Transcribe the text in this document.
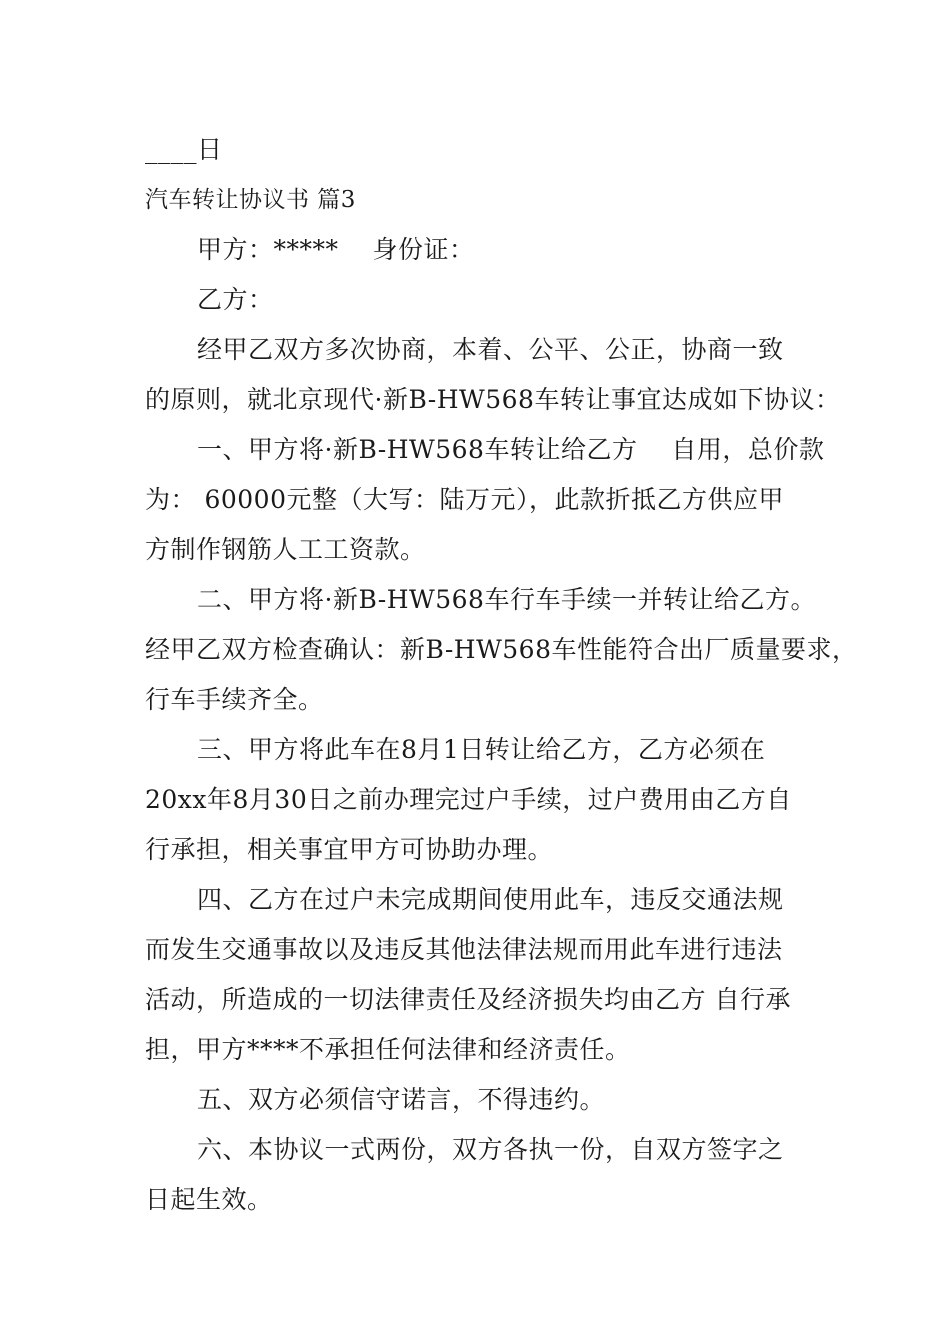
____日
汽车转让协议书 篇3
甲方：*****　 身份证：
乙方：
经甲乙双方多次协商，本着、公平、公正，协商一致
的原则，就北京现代·新B-HW568车转让事宜达成如下协议：
一、甲方将·新B-HW568车转让给乙方　 自用，总价款
为： 60000元整（大写：陆万元），此款折抵乙方供应甲
方制作钢筋人工工资款。
二、甲方将·新B-HW568车行车手续一并转让给乙方。
经甲乙双方检查确认：新B-HW568车性能符合出厂质量要求，
行车手续齐全。
三、甲方将此车在8月1日转让给乙方，乙方必须在
20xx年8月30日之前办理完过户手续，过户费用由乙方自
行承担，相关事宜甲方可协助办理。
四、乙方在过户未完成期间使用此车，违反交通法规
而发生交通事故以及违反其他法律法规而用此车进行违法
活动，所造成的一切法律责任及经济损失均由乙方 自行承
担，甲方****不承担任何法律和经济责任。
五、双方必须信守诺言，不得违约。
六、本协议一式两份，双方各执一份，自双方签字之
日起生效。
